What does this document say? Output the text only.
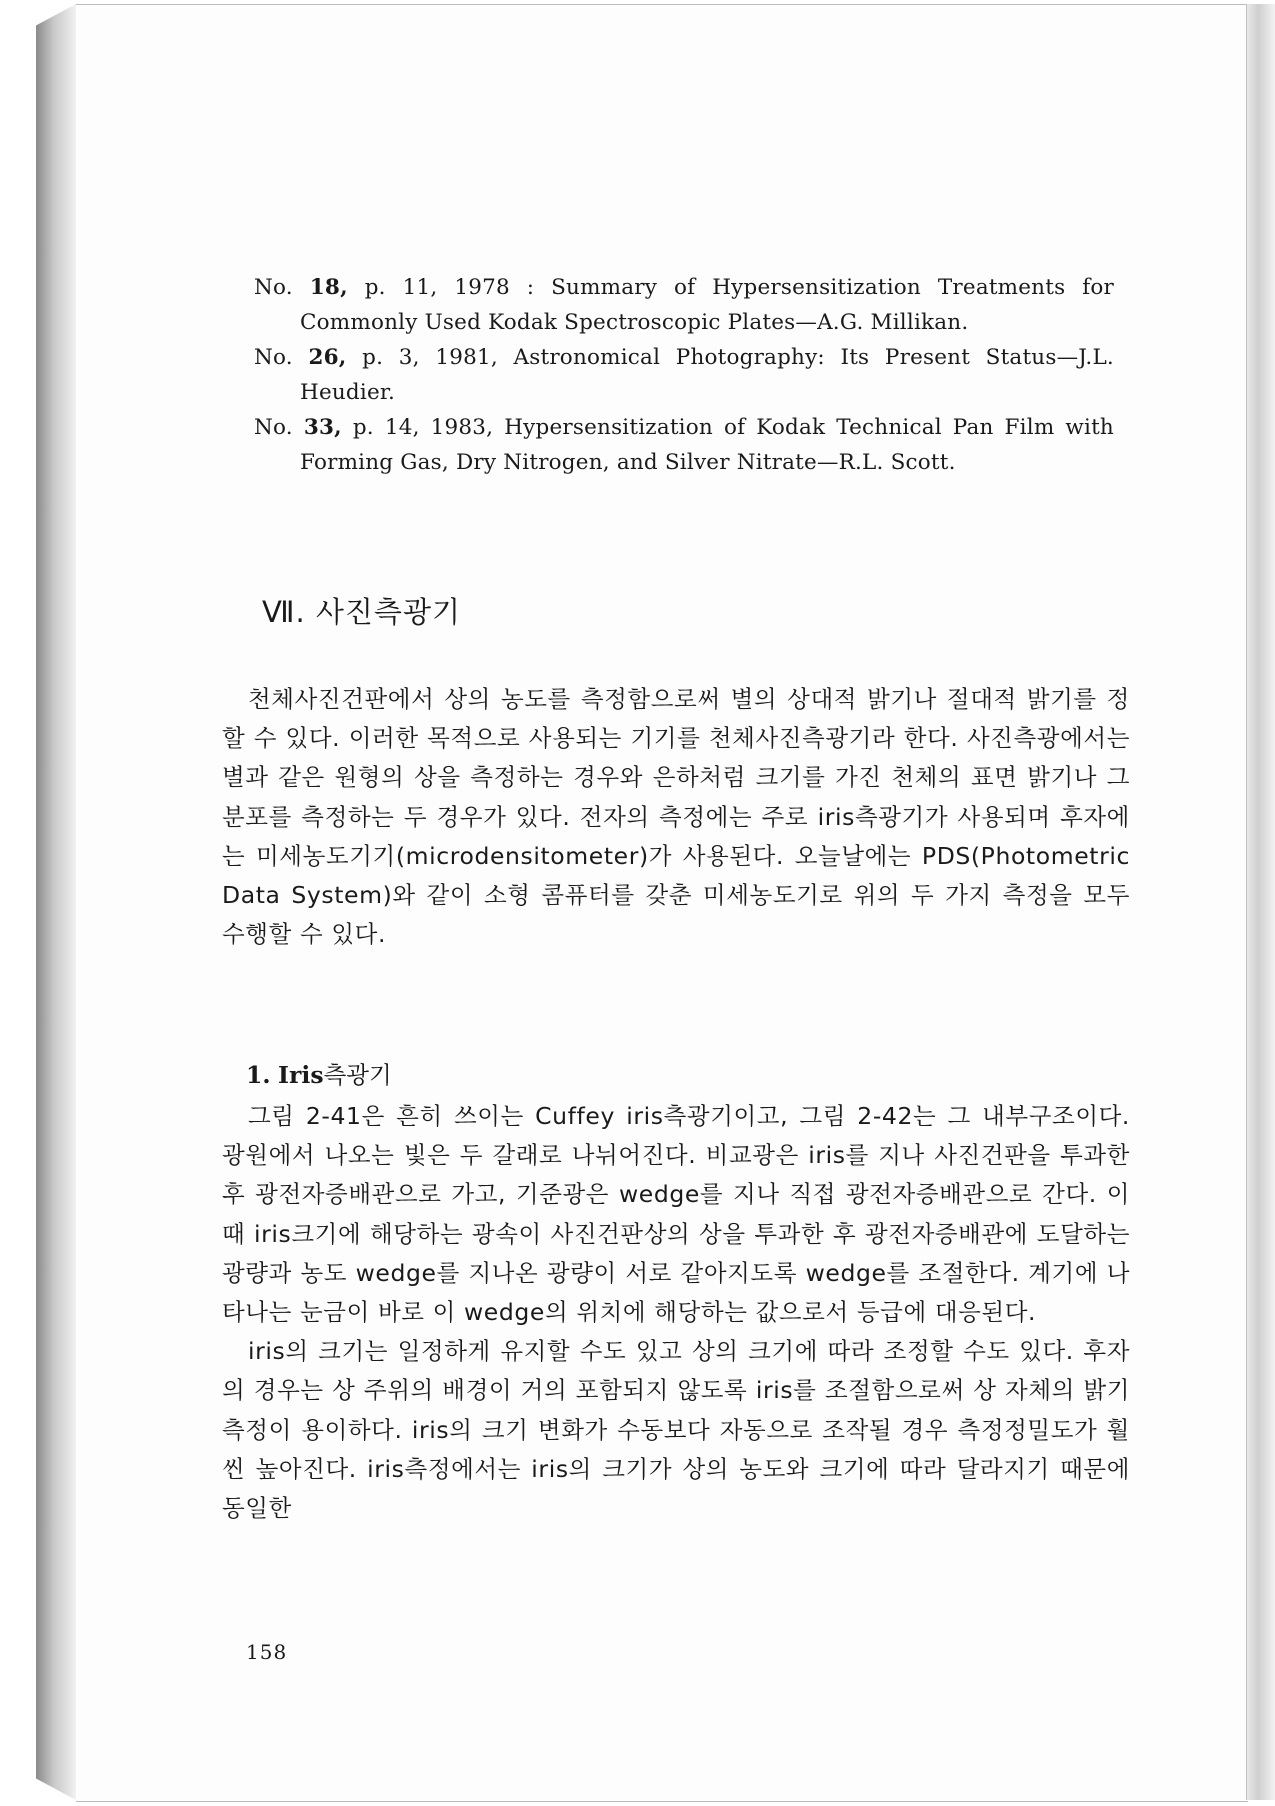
No. 18, p. 11, 1978 : Summary of Hypersensitization Treatments for Commonly Used Kodak Spectroscopic Plates—A.G. Millikan.
No. 26, p. 3, 1981, Astronomical Photography: Its Present Status—J.L. Heudier.
No. 33, p. 14, 1983, Hypersensitization of Kodak Technical Pan Film with Forming Gas, Dry Nitrogen, and Silver Nitrate—R.L. Scott.
Ⅶ. 사진측광기
천체사진건판에서 상의 농도를 측정함으로써 별의 상대적 밝기나 절대적 밝기를 정할 수 있다. 이러한 목적으로 사용되는 기기를 천체사진측광기라 한다. 사진측광에서는 별과 같은 원형의 상을 측정하는 경우와 은하처럼 크기를 가진 천체의 표면 밝기나 그 분포를 측정하는 두 경우가 있다. 전자의 측정에는 주로 iris측광기가 사용되며 후자에는 미세농도기기(microdensitometer)가 사용된다. 오늘날에는 PDS(Photometric Data System)와 같이 소형 콤퓨터를 갖춘 미세농도기로 위의 두 가지 측정을 모두 수행할 수 있다.
1. Iris측광기
그림 2-41은 흔히 쓰이는 Cuffey iris측광기이고, 그림 2-42는 그 내부구조이다. 광원에서 나오는 빛은 두 갈래로 나뉘어진다. 비교광은 iris를 지나 사진건판을 투과한 후 광전자증배관으로 가고, 기준광은 wedge를 지나 직접 광전자증배관으로 간다. 이때 iris크기에 해당하는 광속이 사진건판상의 상을 투과한 후 광전자증배관에 도달하는 광량과 농도 wedge를 지나온 광량이 서로 같아지도록 wedge를 조절한다. 계기에 나타나는 눈금이 바로 이 wedge의 위치에 해당하는 값으로서 등급에 대응된다.
iris의 크기는 일정하게 유지할 수도 있고 상의 크기에 따라 조정할 수도 있다. 후자의 경우는 상 주위의 배경이 거의 포함되지 않도록 iris를 조절함으로써 상 자체의 밝기 측정이 용이하다. iris의 크기 변화가 수동보다 자동으로 조작될 경우 측정정밀도가 훨씬 높아진다. iris측정에서는 iris의 크기가 상의 농도와 크기에 따라 달라지기 때문에 동일한
158
